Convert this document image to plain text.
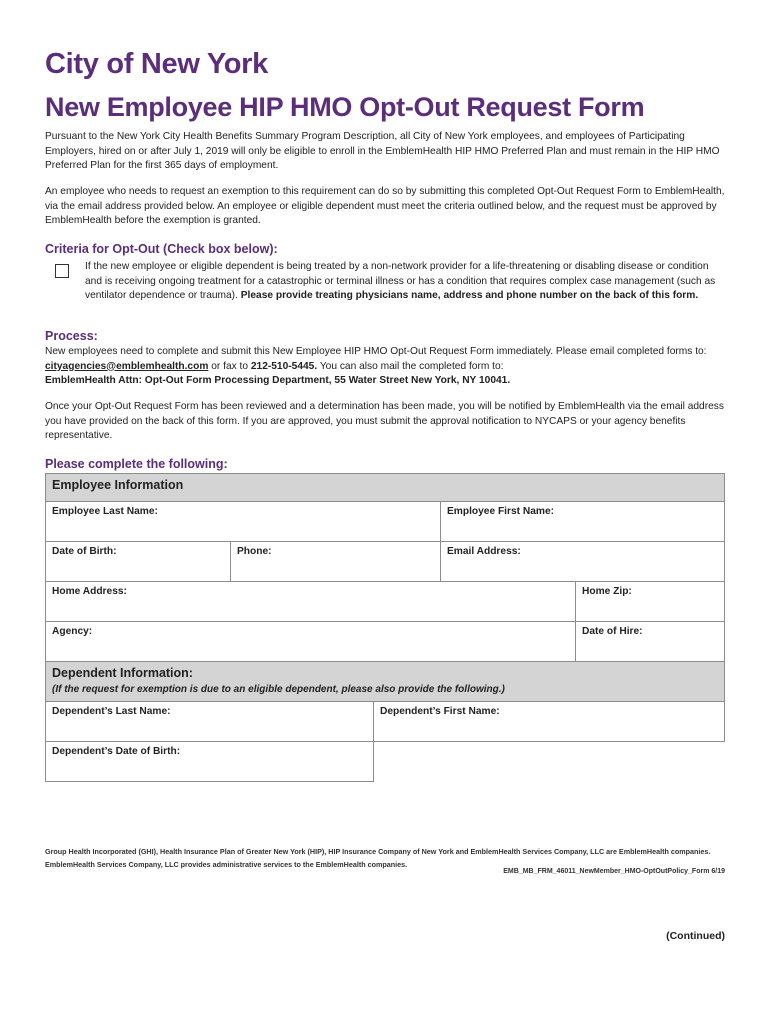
City of New York
New Employee HIP HMO Opt-Out Request Form

Pursuant to the New York City Health Benefits Summary Program Description, all City of New York employees, and employees of Participating Employers, hired on or after July 1, 2019 will only be eligible to enroll in the EmblemHealth HIP HMO Preferred Plan and must remain in the HIP HMO Preferred Plan for the first 365 days of employment.

An employee who needs to request an exemption to this requirement can do so by submitting this completed Opt-Out Request Form to EmblemHealth, via the email address provided below. An employee or eligible dependent must meet the criteria outlined below, and the request must be approved by EmblemHealth before the exemption is granted.

Criteria for Opt-Out (Check box below):

If the new employee or eligible dependent is being treated by a non-network provider for a life-threatening or disabling disease or condition and is receiving ongoing treatment for a catastrophic or terminal illness or has a condition that requires complex case management (such as ventilator dependence or trauma). Please provide treating physicians name, address and phone number on the back of this form.

Process:

New employees need to complete and submit this New Employee HIP HMO Opt-Out Request Form immediately. Please email completed forms to: cityagencies@emblemhealth.com or fax to 212-510-5445. You can also mail the completed form to:
EmblemHealth Attn: Opt-Out Form Processing Department, 55 Water Street New York, NY 10041.

Once your Opt-Out Request Form has been reviewed and a determination has been made, you will be notified by EmblemHealth via the email address you have provided on the back of this form. If you are approved, you must submit the approval notification to NYCAPS or your agency benefits representative.

Please complete the following:
Employee Information
Employee Last Name:	Employee First Name:
Date of Birth:	Phone:	Email Address:
Home Address:	Home Zip:
Agency:	Date of Hire:
Dependent Information:
(If the request for exemption is due to an eligible dependent, please also provide the following.)
Dependent’s Last Name:	Dependent’s First Name:
Dependent’s Date of Birth:

Group Health Incorporated (GHI), Health Insurance Plan of Greater New York (HIP), HIP Insurance Company of New York and EmblemHealth Services Company, LLC are EmblemHealth companies. EmblemHealth Services Company, LLC provides administrative services to the EmblemHealth companies.

EMB_MB_FRM_46011_NewMember_HMO-OptOutPolicy_Form 6/19

(Continued)
